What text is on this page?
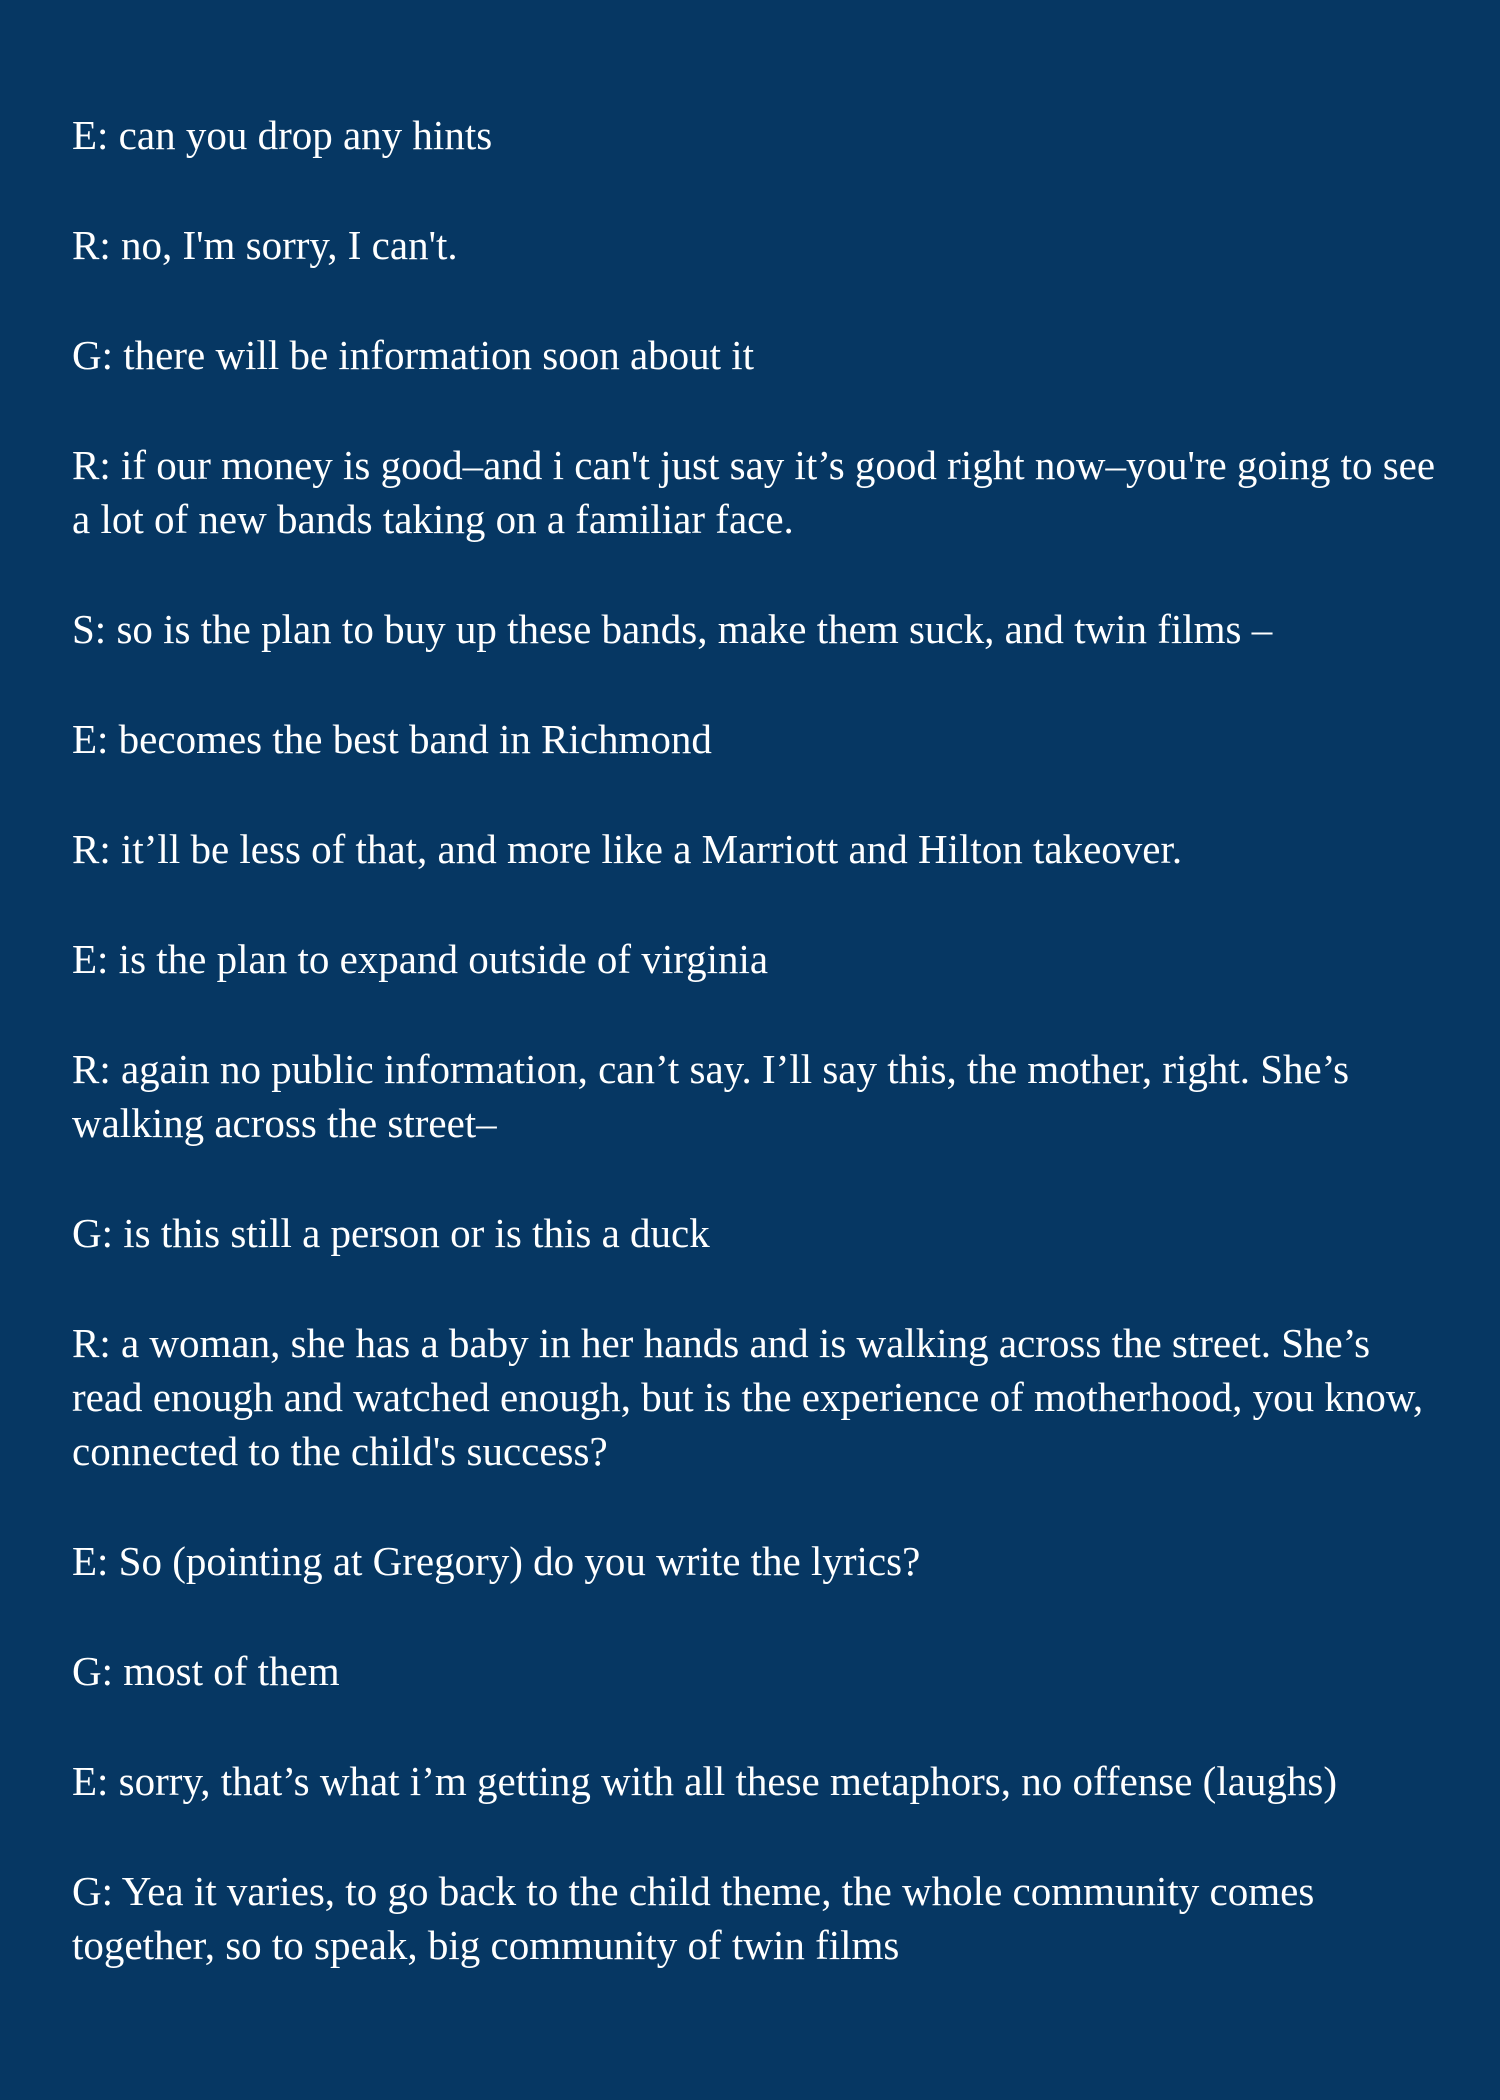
E: can you drop any hints

R: no, I'm sorry, I can't.

G: there will be information soon about it

R: if our money is good–and i can't just say it’s good right now–you're going to see a lot of new bands taking on a familiar face.

S: so is the plan to buy up these bands, make them suck, and twin films –

E: becomes the best band in Richmond

R: it’ll be less of that, and more like a Marriott and Hilton takeover.

E: is the plan to expand outside of virginia

R: again no public information, can’t say. I’ll say this, the mother, right. She’s walking across the street–

G: is this still a person or is this a duck

R: a woman, she has a baby in her hands and is walking across the street. She’s read enough and watched enough, but is the experience of motherhood, you know, connected to the child's success?

E: So (pointing at Gregory) do you write the lyrics?

G: most of them

E: sorry, that’s what i’m getting with all these metaphors, no offense (laughs)

G: Yea it varies, to go back to the child theme, the whole community comes together, so to speak, big community of twin films
